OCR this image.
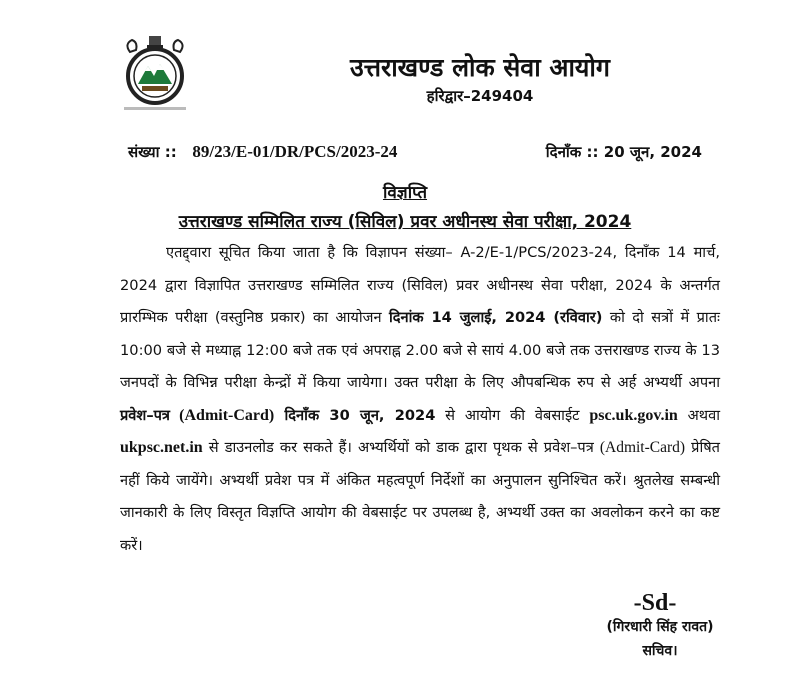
उत्तराखण्ड लोक सेवा आयोग
हरिद्वार–249404
संख्या :: 89/23/E-01/DR/PCS/2023-24	दिनाँक :: 20 जून, 2024
विज्ञप्ति
उत्तराखण्ड सम्मिलित राज्य (सिविल) प्रवर अधीनस्थ सेवा परीक्षा, 2024
एतद्द्वारा सूचित किया जाता है कि विज्ञापन संख्या– A-2/E-1/PCS/2023-24, दिनाँक 14 मार्च, 2024 द्वारा विज्ञापित उत्तराखण्ड सम्मिलित राज्य (सिविल) प्रवर अधीनस्थ सेवा परीक्षा, 2024 के अन्तर्गत प्रारम्भिक परीक्षा (वस्तुनिष्ठ प्रकार) का आयोजन दिनांक 14 जुलाई, 2024 (रविवार) को दो सत्रों में प्रातः 10:00 बजे से मध्याह्न 12:00 बजे तक एवं अपराह्न 2.00 बजे से सायं 4.00 बजे तक उत्तराखण्ड राज्य के 13 जनपदों के विभिन्न परीक्षा केन्द्रों में किया जायेगा। उक्त परीक्षा के लिए औपबन्धिक रुप से अर्ह अभ्यर्थी अपना प्रवेश–पत्र (Admit-Card) दिनाँक 30 जून, 2024 से आयोग की वेबसाईट psc.uk.gov.in अथवा ukpsc.net.in से डाउनलोड कर सकते हैं। अभ्यर्थियों को डाक द्वारा पृथक से प्रवेश–पत्र (Admit-Card) प्रेषित नहीं किये जायेंगे। अभ्यर्थी प्रवेश पत्र में अंकित महत्वपूर्ण निर्देशों का अनुपालन सुनिश्चित करें। श्रुतलेख सम्बन्धी जानकारी के लिए विस्तृत विज्ञप्ति आयोग की वेबसाईट पर उपलब्ध है, अभ्यर्थी उक्त का अवलोकन करने का कष्ट करें।
-Sd-
(गिरधारी सिंह रावत)
सचिव।
